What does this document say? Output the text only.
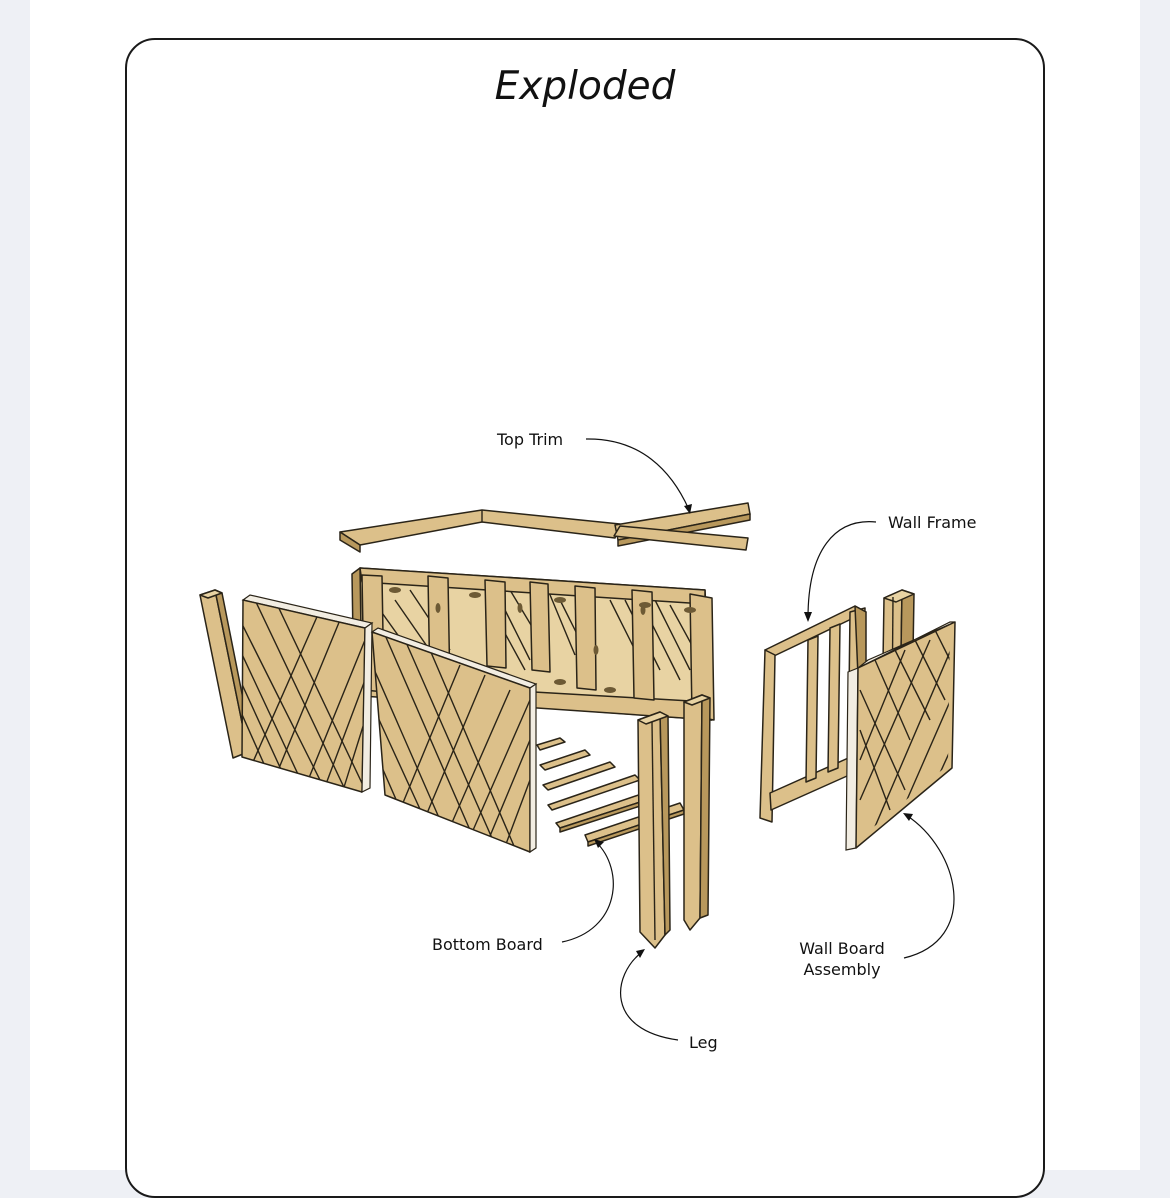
Exploded
Top Trim
Wall Frame
Bottom Board	Wall Board
Assembly
Leg
